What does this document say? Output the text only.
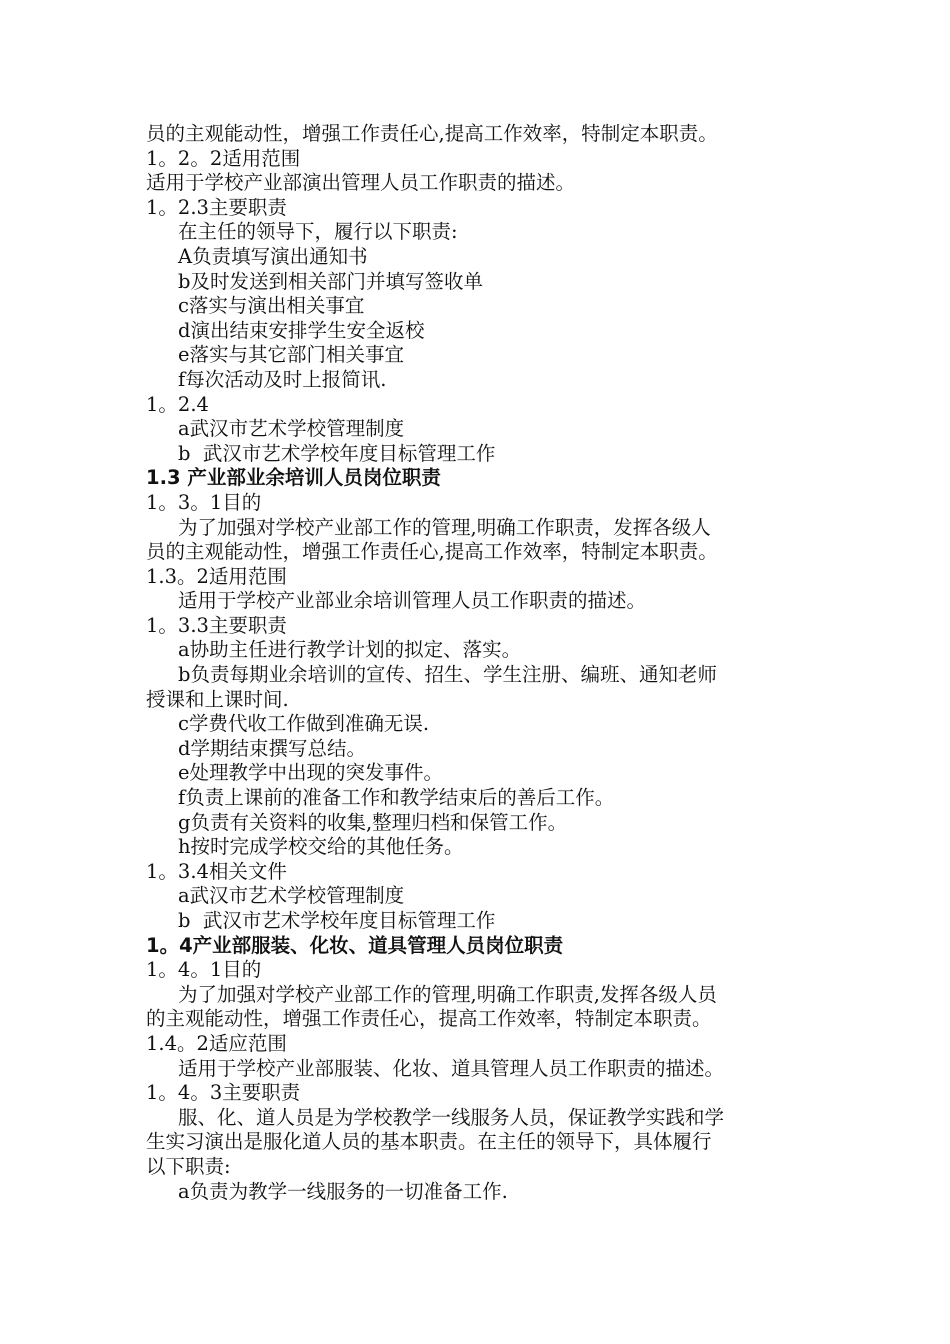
员的主观能动性，增强工作责任心,提高工作效率，特制定本职责。
1。2。2适用范围
适用于学校产业部演出管理人员工作职责的描述。
1。2.3主要职责
在主任的领导下，履行以下职责:
A负责填写演出通知书
b及时发送到相关部门并填写签收单
c落实与演出相关事宜
d演出结束安排学生安全返校
e落实与其它部门相关事宜
f每次活动及时上报简讯.
1。2.4
a武汉市艺术学校管理制度
b  武汉市艺术学校年度目标管理工作
1.3 产业部业余培训人员岗位职责
1。3。1目的
为了加强对学校产业部工作的管理,明确工作职责，发挥各级人
员的主观能动性，增强工作责任心,提高工作效率，特制定本职责。
1.3。2适用范围
适用于学校产业部业余培训管理人员工作职责的描述。
1。3.3主要职责
a协助主任进行教学计划的拟定、落实。
b负责每期业余培训的宣传、招生、学生注册、编班、通知老师
授课和上课时间.
c学费代收工作做到准确无误.
d学期结束撰写总结。
e处理教学中出现的突发事件。
f负责上课前的准备工作和教学结束后的善后工作。
g负责有关资料的收集,整理归档和保管工作。
h按时完成学校交给的其他任务。
1。3.4相关文件
a武汉市艺术学校管理制度
b  武汉市艺术学校年度目标管理工作
1。4产业部服装、化妆、道具管理人员岗位职责
1。4。1目的
为了加强对学校产业部工作的管理,明确工作职责,发挥各级人员
的主观能动性，增强工作责任心，提高工作效率，特制定本职责。
1.4。2适应范围
适用于学校产业部服装、化妆、道具管理人员工作职责的描述。
1。4。3主要职责
服、化、道人员是为学校教学一线服务人员，保证教学实践和学
生实习演出是服化道人员的基本职责。在主任的领导下，具体履行
以下职责:
a负责为教学一线服务的一切准备工作.
